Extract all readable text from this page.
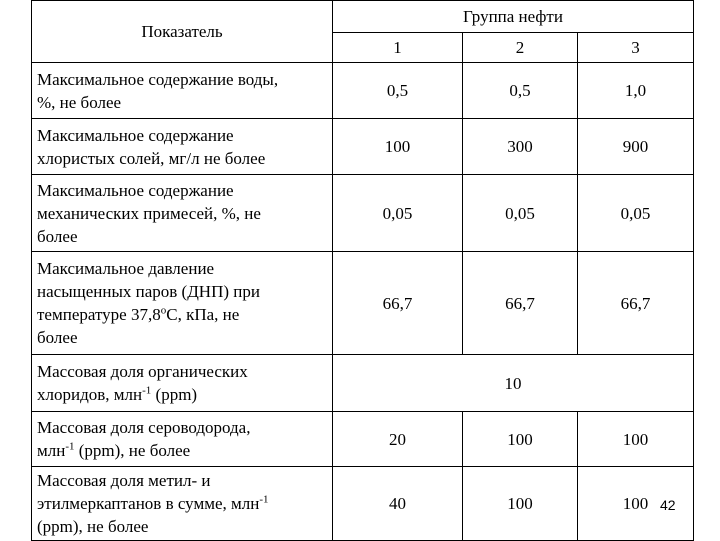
Показатель	Группа нефти		
	1	2	3
Максимальное содержание воды,
%, не более	0,5	0,5	1,0
Максимальное содержание
хлористых солей, мг/л не более	100	300	900
Максимальное содержание
механических примесей, %, не
более	0,05	0,05	0,05
Максимальное давление
насыщенных паров (ДНП) при
температуре $37,8^оС$, кПа, не
более	66,7	66,7	66,7
Массовая доля органических
хлоридов, млн$^{-1}$ (ppm)	10		
Массовая доля сероводорода,
млн$^{-1}$ (ppm), не более	20	100	100
Массовая доля метил- и
этилмеркаптанов в сумме, млн$^{-1}$
(ppm), не более	40	100	100 42
